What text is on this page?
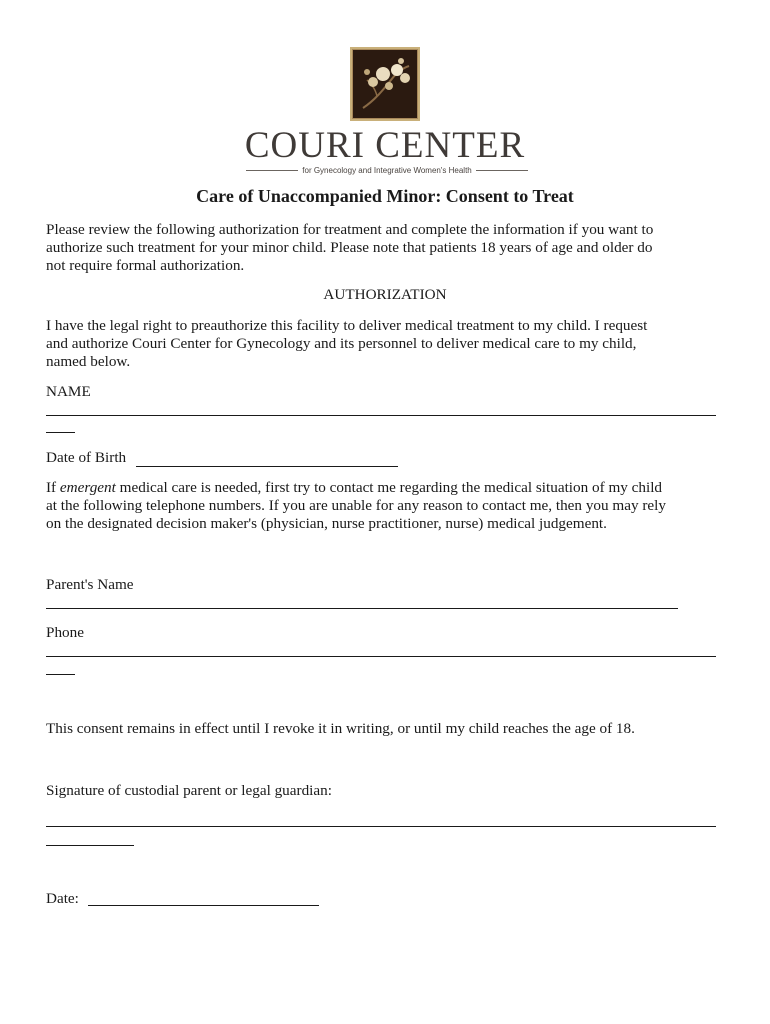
COURI CENTER
for Gynecology and Integrative Women's Health
Care of Unaccompanied Minor: Consent to Treat
Please review the following authorization for treatment and complete the information if you want to
authorize such treatment for your minor child. Please note that patients 18 years of age and older do
not require formal authorization.
AUTHORIZATION
I have the legal right to preauthorize this facility to deliver medical treatment to my child. I request
and authorize Couri Center for Gynecology and its personnel to deliver medical care to my child,
named below.
NAME
Date of Birth
If emergent medical care is needed, first try to contact me regarding the medical situation of my child
at the following telephone numbers. If you are unable for any reason to contact me, then you may rely
on the designated decision maker's (physician, nurse practitioner, nurse) medical judgement.
Parent's Name
Phone
This consent remains in effect until I revoke it in writing, or until my child reaches the age of 18.
Signature of custodial parent or legal guardian:
Date:
